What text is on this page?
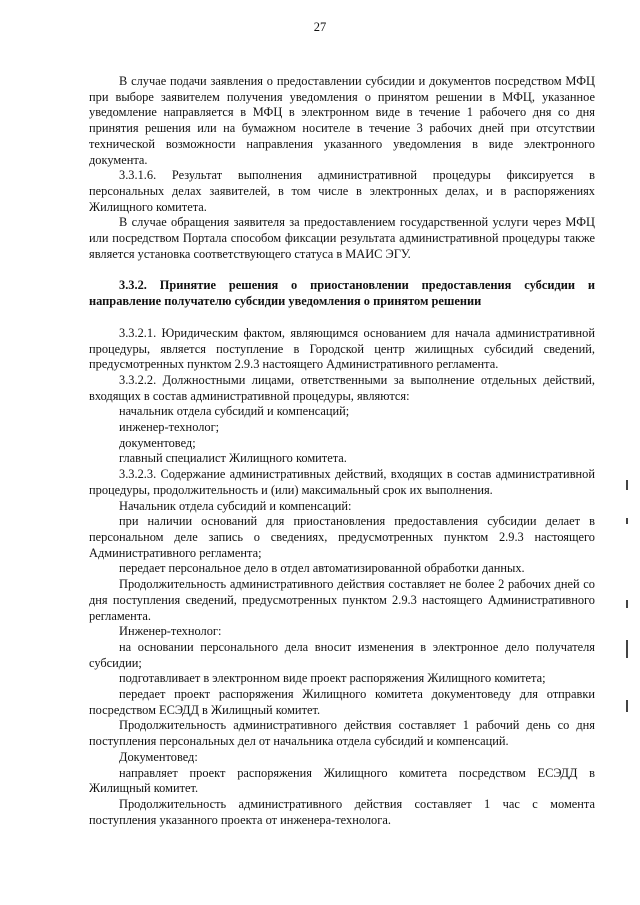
27

В случае подачи заявления о предоставлении субсидии и документов посредством МФЦ при выборе заявителем получения уведомления о принятом решении в МФЦ, указанное уведомление направляется в МФЦ в электронном виде в течение 1 рабочего дня со дня принятия решения или на бумажном носителе в течение 3 рабочих дней при отсутствии технической возможности направления указанного уведомления в виде электронного документа.

3.3.1.6. Результат выполнения административной процедуры фиксируется в персональных делах заявителей, в том числе в электронных делах, и в распоряжениях Жилищного комитета.

В случае обращения заявителя за предоставлением государственной услуги через МФЦ или посредством Портала способом фиксации результата административной процедуры также является установка соответствующего статуса в МАИС ЭГУ.

3.3.2. Принятие решения о приостановлении предоставления субсидии и направление получателю субсидии уведомления о принятом решении

3.3.2.1. Юридическим фактом, являющимся основанием для начала административной процедуры, является поступление в Городской центр жилищных субсидий сведений, предусмотренных пунктом 2.9.3 настоящего Административного регламента.

3.3.2.2. Должностными лицами, ответственными за выполнение отдельных действий, входящих в состав административной процедуры, являются:

начальник отдела субсидий и компенсаций;

инженер-технолог;

документовед;

главный специалист Жилищного комитета.

3.3.2.3. Содержание административных действий, входящих в состав административной процедуры, продолжительность и (или) максимальный срок их выполнения.

Начальник отдела субсидий и компенсаций:

при наличии оснований для приостановления предоставления субсидии делает в персональном деле запись о сведениях, предусмотренных пунктом 2.9.3 настоящего Административного регламента;

передает персональное дело в отдел автоматизированной обработки данных.

Продолжительность административного действия составляет не более 2 рабочих дней со дня поступления сведений, предусмотренных пунктом 2.9.3 настоящего Административного регламента.

Инженер-технолог:

на основании персонального дела вносит изменения в электронное дело получателя субсидии;

подготавливает в электронном виде проект распоряжения Жилищного комитета;

передает проект распоряжения Жилищного комитета документоведу для отправки посредством ЕСЭДД в Жилищный комитет.

Продолжительность административного действия составляет 1 рабочий день со дня поступления персональных дел от начальника отдела субсидий и компенсаций.

Документовед:

направляет проект распоряжения Жилищного комитета посредством ЕСЭДД в Жилищный комитет.

Продолжительность административного действия составляет 1 час с момента поступления указанного проекта от инженера-технолога.
